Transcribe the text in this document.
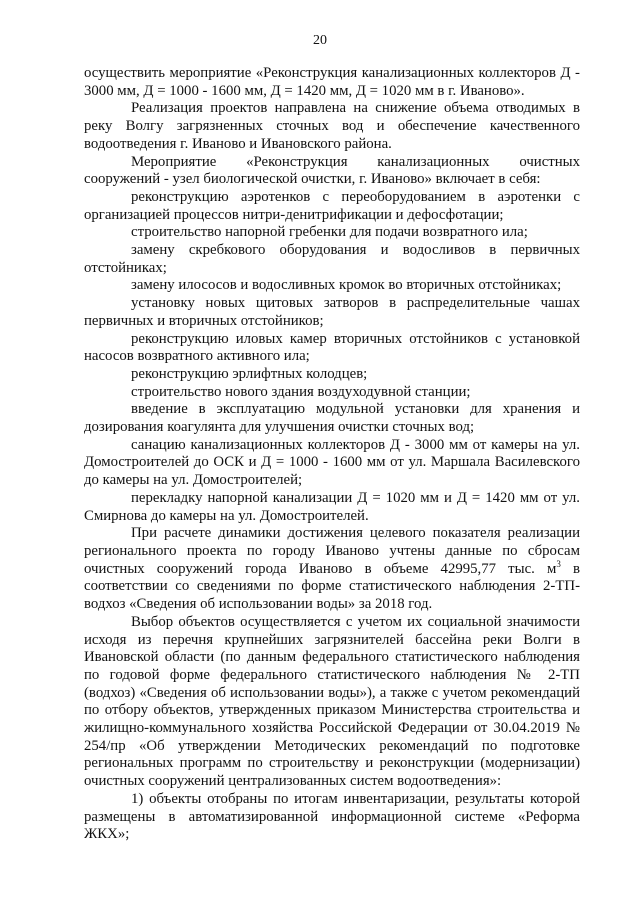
20

осуществить мероприятие «Реконструкция канализационных коллекторов Д - 3000 мм, Д = 1000 - 1600 мм, Д = 1420 мм, Д = 1020 мм в г. Иваново».

Реализация проектов направлена на снижение объема отводимых в реку Волгу загрязненных сточных вод и обеспечение качественного водоотведения г. Иваново и Ивановского района.

Мероприятие «Реконструкция канализационных очистных сооружений - узел биологической очистки, г. Иваново» включает в себя:

реконструкцию аэротенков с переоборудованием в аэротенки с организацией процессов нитри-денитрификации и дефосфотации;

строительство напорной гребенки для подачи возвратного ила;

замену скребкового оборудования и водосливов в первичных отстойниках;

замену илососов и водосливных кромок во вторичных отстойниках;

установку новых щитовых затворов в распределительные чашах первичных и вторичных отстойников;

реконструкцию иловых камер вторичных отстойников с установкой насосов возвратного активного ила;

реконструкцию эрлифтных колодцев;

строительство нового здания воздуходувной станции;

введение в эксплуатацию модульной установки для хранения и дозирования коагулянта для улучшения очистки сточных вод;

санацию канализационных коллекторов Д - 3000 мм от камеры на ул. Домостроителей до ОСК и Д = 1000 - 1600 мм от ул. Маршала Василевского до камеры на ул. Домостроителей;

перекладку напорной канализации Д = 1020 мм и Д = 1420 мм от ул. Смирнова до камеры на ул. Домостроителей.

При расчете динамики достижения целевого показателя реализации регионального проекта по городу Иваново учтены данные по сбросам очистных сооружений города Иваново в объеме 42995,77 тыс. $м^3$ в соответствии со сведениями по форме статистического наблюдения 2-ТП-водхоз «Сведения об использовании воды» за 2018 год.

Выбор объектов осуществляется с учетом их социальной значимости исходя из перечня крупнейших загрязнителей бассейна реки Волги в Ивановской области (по данным федерального статистического наблюдения по годовой форме федерального статистического наблюдения № 2-ТП (водхоз) «Сведения об использовании воды»), а также с учетом рекомендаций по отбору объектов, утвержденных приказом Министерства строительства и жилищно-коммунального хозяйства Российской Федерации от 30.04.2019 № 254/пр «Об утверждении Методических рекомендаций по подготовке региональных программ по строительству и реконструкции (модернизации) очистных сооружений централизованных систем водоотведения»:

1) объекты отобраны по итогам инвентаризации, результаты которой размещены в автоматизированной информационной системе «Реформа ЖКХ»;
